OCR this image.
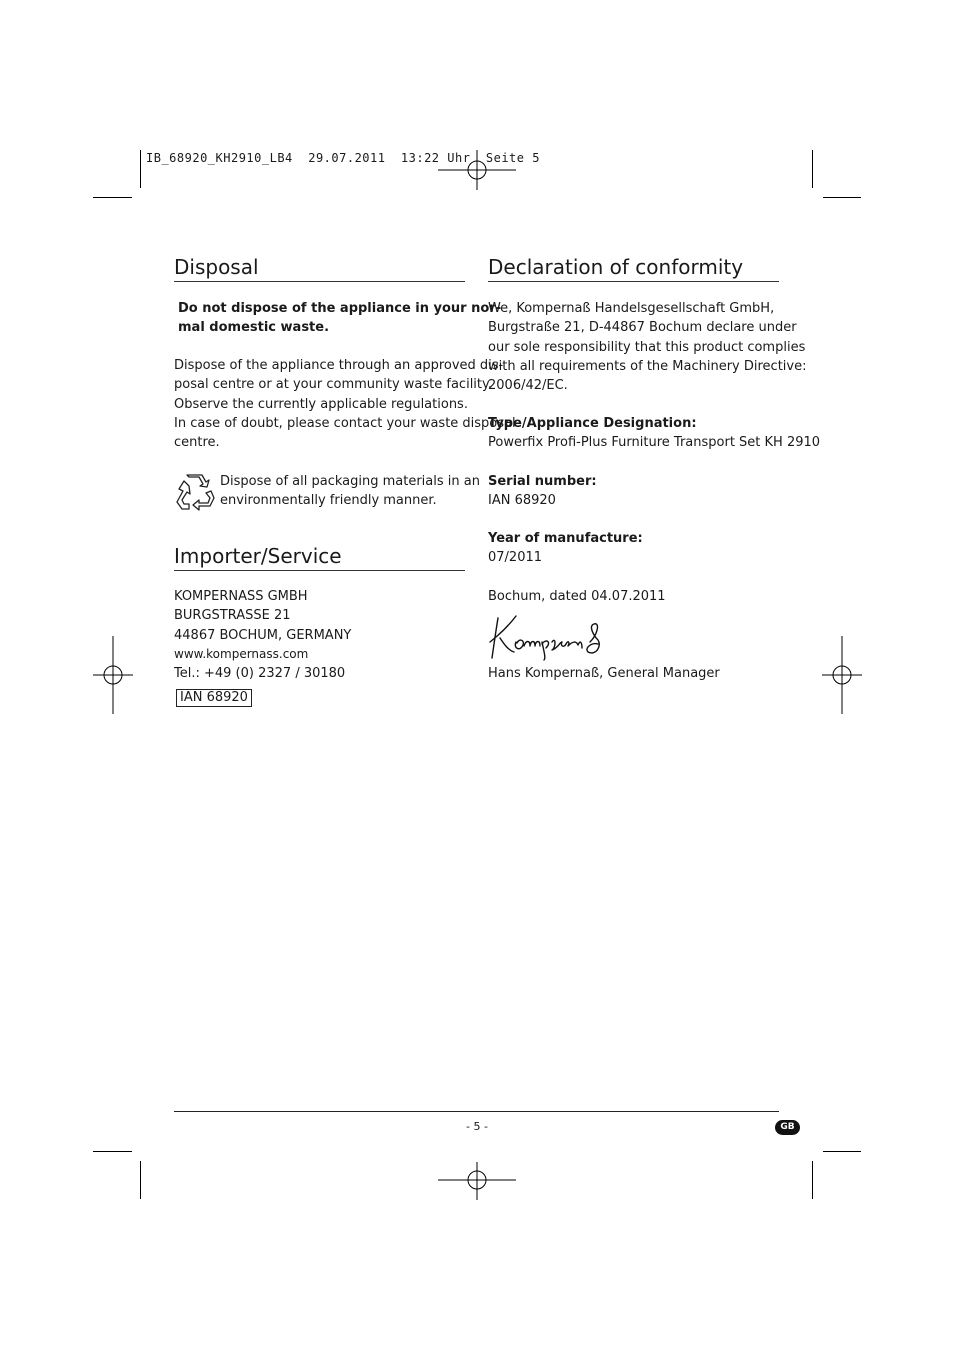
IB_68920_KH2910_LB4  29.07.2011  13:22 Uhr  Seite 5
Disposal
Do not dispose of the appliance in your nor-
mal domestic waste.
Dispose of the appliance through an approved dis-
posal centre or at your community waste facility.
Observe the currently applicable regulations.
In case of doubt, please contact your waste disposal
centre.
Dispose of all packaging materials in an
environmentally friendly manner.
Importer/Service
KOMPERNASS GMBH
BURGSTRASSE 21
44867 BOCHUM, GERMANY
www.kompernass.com
Tel.: +49 (0) 2327 / 30180
IAN 68920
Declaration of conformity
We, Kompernaß Handelsgesellschaft GmbH,
Burgstraße 21, D-44867 Bochum declare under
our sole responsibility that this product complies
with all requirements of the Machinery Directive:
2006/42/EC.
Type/Appliance Designation:
Powerfix Profi-Plus Furniture Transport Set KH 2910
Serial number:
IAN 68920
Year of manufacture:
07/2011
Bochum, dated 04.07.2011
Kompernaß
Hans Kompernaß, General Manager
- 5 -	GB
